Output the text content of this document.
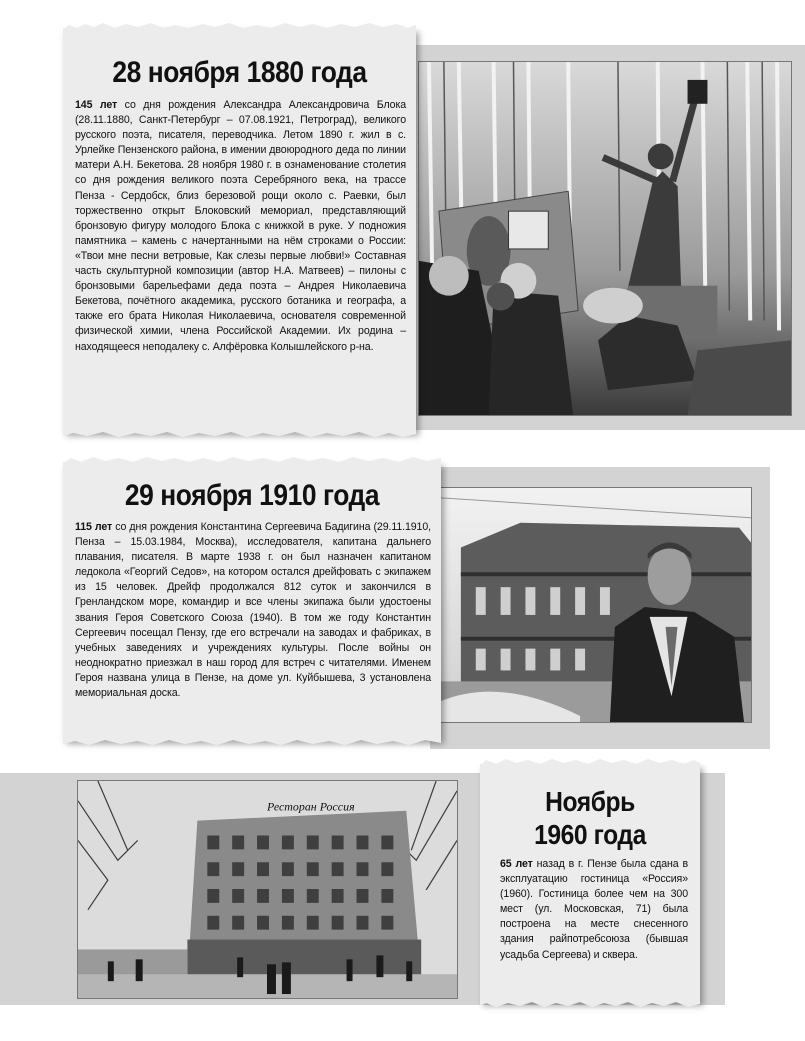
28 ноября 1880 года

145 лет со дня рождения Александра Александровича Блока (28.11.1880, Санкт-Петербург – 07.08.1921, Петроград), великого русского поэта, писателя, переводчика. Летом 1890 г. жил в с. Урлейке Пензенского района, в имении двоюродного деда по линии матери А.Н. Бекетова. 28 ноября 1980 г. в ознаменование столетия со дня рождения великого поэта Серебряного века, на трассе Пенза - Сердобск, близ березовой рощи около с. Раевки, был торжественно открыт Блоковский мемориал, представляющий бронзовую фигуру молодого Блока с книжкой в руке. У подножия памятника – камень с начертанными на нём строками о России: «Твои мне песни ветровые, Как слезы первые любви!» Составная часть скульптурной композиции (автор Н.А. Матвеев) – пилоны с бронзовыми барельефами деда поэта – Андрея Николаевича Бекетова, почётного академика, русского ботаника и географа, а также его брата Николая Николаевича, основателя современной физической химии, члена Российской Академии. Их родина – находящееся неподалеку с. Алфёровка Колышлейского р-на.

29 ноября 1910 года

115 лет со дня рождения Константина Сергеевича Бадигина (29.11.1910, Пенза – 15.03.1984, Москва), исследователя, капитана дальнего плавания, писателя. В марте 1938 г. он был назначен капитаном ледокола «Георгий Седов», на котором остался дрейфовать с экипажем из 15 человек. Дрейф продолжался 812 суток и закончился в Гренландском море, командир и все члены экипажа были удостоены звания Героя Советского Союза (1940). В том же году Константин Сергеевич посещал Пензу, где его встречали на заводах и фабриках, в учебных заведениях и учреждениях культуры. После войны он неоднократно приезжал в наш город для встреч с читателями. Именем Героя названа улица в Пензе, на доме ул. Куйбышева, 3 установлена мемориальная доска.

Ресторан Россия	Ноябрь
1960 года

65 лет назад в г. Пензе была сдана в эксплуатацию гостиница «Россия» (1960). Гостиница более чем на 300 мест (ул. Московская, 71) была построена на месте снесенного здания райпотребсоюза (бывшая усадьба Сергеева) и сквера.
